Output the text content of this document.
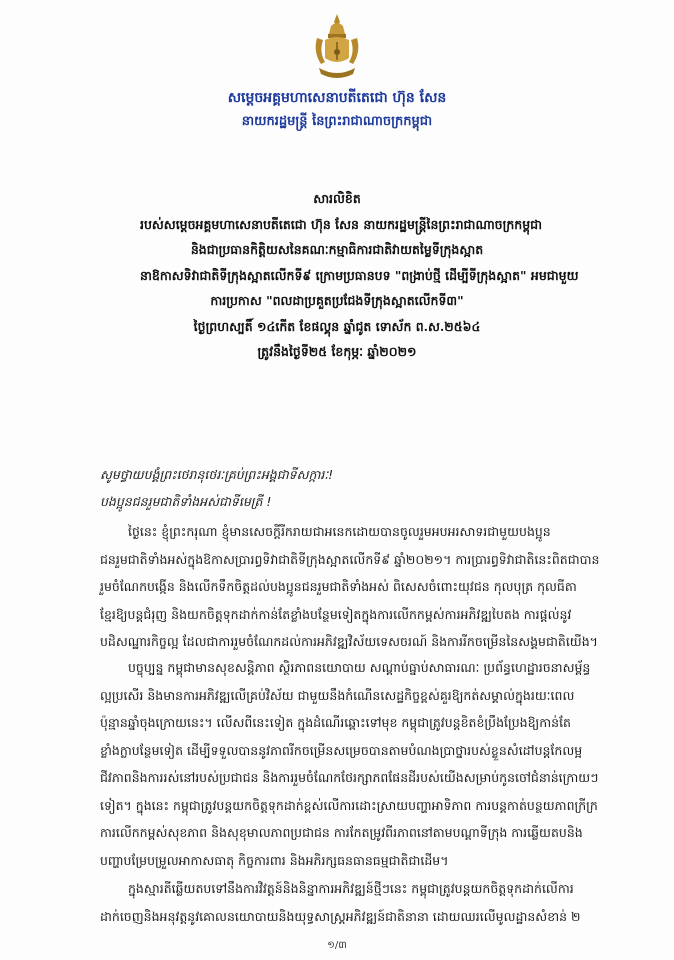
សម្តេចអគ្គមហាសេនាបតីតេជោ ហ៊ុន សែន
នាយករដ្ឋមន្ត្រី នៃព្រះរាជាណាចក្រកម្ពុជា
សារលិខិត
របស់សម្តេចអគ្គមហាសេនាបតីតេជោ ហ៊ុន សែន នាយករដ្ឋមន្ត្រីនៃព្រះរាជាណាចក្រកម្ពុជា
និងជាប្រធានកិត្តិយសនៃគណៈកម្មាធិការជាតិវាយតម្លៃទីក្រុងស្អាត
នាឱកាសទិវាជាតិទីក្រុងស្អាតលើកទី៩ ក្រោមប្រធានបទ "ពង្រាប់ថ្មី ដើម្បីទីក្រុងស្អាត" អមជាមួយ
ការប្រកាស "ពលដាប្រគួតប្រជែងទីក្រុងស្អាតលើកទី៣"
ថ្ងៃព្រហស្បតិ៍ ១៤កើត ខែផល្គុន ឆ្នាំជូត ទោស័ក ព.ស.២៥៦៤
ត្រូវនឹងថ្ងៃទី២៥ ខែកុម្ភៈ ឆ្នាំ២០២១
សូមថ្វាយបង្គំព្រះថេរានុថេរៈគ្រប់ព្រះអង្គជាទីសក្ការៈ!
បងប្អូនជនរួមជាតិទាំងអស់ជាទីមេត្រី !
ថ្ងៃនេះ ខ្ញុំព្រះករុណា ខ្ញុំមានសេចក្តីរីករាយជាអនេកដោយបានចូលរួមអបអរសាទរជាមួយបងប្អូន
ជនរួមជាតិទាំងអស់ក្នុងឱកាសប្រារព្ធទិវាជាតិទីក្រុងស្អាតលើកទី៩ ឆ្នាំ២០២១។ ការប្រារព្ធទិវាជាតិនេះពិតជាបាន
រួមចំណែកបង្កើន និងលើកទឹកចិត្តដល់បងប្អូនជនរួមជាតិទាំងអស់ ពិសេសចំពោះយុវជន កុលបុត្រ កុលធីតា
ខ្មែរឱ្យបន្តជំរុញ និងយកចិត្តទុកដាក់កាន់តែខ្លាំងបន្ថែមទៀតក្នុងការលើកកម្ពស់ការអភិវឌ្ឍបៃតង ការផ្តល់នូវ
បដិសណ្ឋារកិច្ចល្អ ដែលជាការរួមចំណែកដល់ការអភិវឌ្ឍវិស័យទេសចរណ៍ និងការរីកចម្រើននៃសង្គមជាតិយើង។
បច្ចុប្បន្ន កម្ពុជាមានសុខសន្តិភាព ស្ថិរភាពនយោបាយ សណ្តាប់ធ្នាប់សាធារណៈ ប្រព័ន្ធហេដ្ឋារចនាសម្ព័ន្ធ
ល្អប្រសើរ និងមានការអភិវឌ្ឍលើគ្រប់វិស័យ ជាមួយនឹងកំណើនសេដ្ឋកិច្ចខ្ពស់គួរឱ្យកត់សម្គាល់ក្នុងរយៈពេល
ប៉ុន្មានឆ្នាំចុងក្រោយនេះ។ លើសពីនេះទៀត ក្នុងដំណើរឆ្ពោះទៅមុខ កម្ពុជាត្រូវបន្តខិតខំប្រឹងប្រែងឱ្យកាន់តែ
ខ្លាំងក្លាបន្ថែមទៀត ដើម្បីទទួលបាននូវភាពរីកចម្រើនសម្រេចបានតាមបំណងប្រាថ្នារបស់ខ្លួនសំដៅបន្តកែលម្អ
ជីវភាពនិងការរស់នៅរបស់ប្រជាជន និងការរួមចំណែកថែរក្សាភពផែនដីរបស់យើងសម្រាប់កូនចៅជំនាន់ក្រោយៗ
ទៀត។ ក្នុងនេះ កម្ពុជាត្រូវបន្តយកចិត្តទុកដាក់ខ្ពស់លើការដោះស្រាយបញ្ហាអាទិភាព ការបន្តកាត់បន្ថយភាពក្រីក្រ
ការលើកកម្ពស់សុខភាព និងសុខុមាលភាពប្រជាជន ការកែតម្រូវពីរភាពនៅតាមបណ្តាទីក្រុង ការឆ្លើយតបនិង
បញ្ហាបម្រែបម្រួលអាកាសធាតុ កិច្ចការពារ និងអភិរក្សធនធានធម្មជាតិជាដើម។
ក្នុងស្មារតីឆ្លើយតបទៅនឹងការវិវត្តន៍និងនិន្នាការអភិវឌ្ឍន៍ថ្មីៗនេះ កម្ពុជាត្រូវបន្តយកចិត្តទុកដាក់លើការ
ដាក់ចេញនិងអនុវត្តនូវគោលនយោបាយនិងយុទ្ធសាស្ត្រអភិវឌ្ឍន៍ជាតិនានា ដោយឈរលើមូលដ្ឋានសំខាន់ ២
១/៣
